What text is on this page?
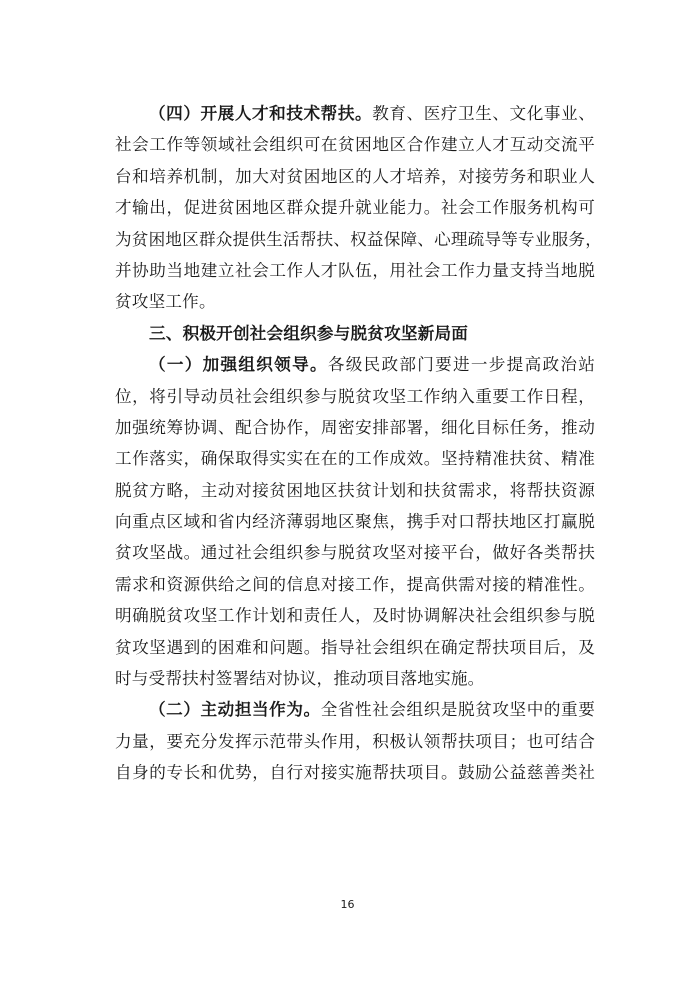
（四）开展人才和技术帮扶。教育、医疗卫生、文化事业、
社会工作等领域社会组织可在贫困地区合作建立人才互动交流平
台和培养机制，加大对贫困地区的人才培养，对接劳务和职业人
才输出，促进贫困地区群众提升就业能力。社会工作服务机构可
为贫困地区群众提供生活帮扶、权益保障、心理疏导等专业服务，
并协助当地建立社会工作人才队伍，用社会工作力量支持当地脱
贫攻坚工作。
三、积极开创社会组织参与脱贫攻坚新局面
（一）加强组织领导。各级民政部门要进一步提高政治站
位，将引导动员社会组织参与脱贫攻坚工作纳入重要工作日程，
加强统筹协调、配合协作，周密安排部署，细化目标任务，推动
工作落实，确保取得实实在在的工作成效。坚持精准扶贫、精准
脱贫方略，主动对接贫困地区扶贫计划和扶贫需求，将帮扶资源
向重点区域和省内经济薄弱地区聚焦，携手对口帮扶地区打赢脱
贫攻坚战。通过社会组织参与脱贫攻坚对接平台，做好各类帮扶
需求和资源供给之间的信息对接工作，提高供需对接的精准性。
明确脱贫攻坚工作计划和责任人，及时协调解决社会组织参与脱
贫攻坚遇到的困难和问题。指导社会组织在确定帮扶项目后，及
时与受帮扶村签署结对协议，推动项目落地实施。
（二）主动担当作为。全省性社会组织是脱贫攻坚中的重要
力量，要充分发挥示范带头作用，积极认领帮扶项目；也可结合
自身的专长和优势，自行对接实施帮扶项目。鼓励公益慈善类社
16
